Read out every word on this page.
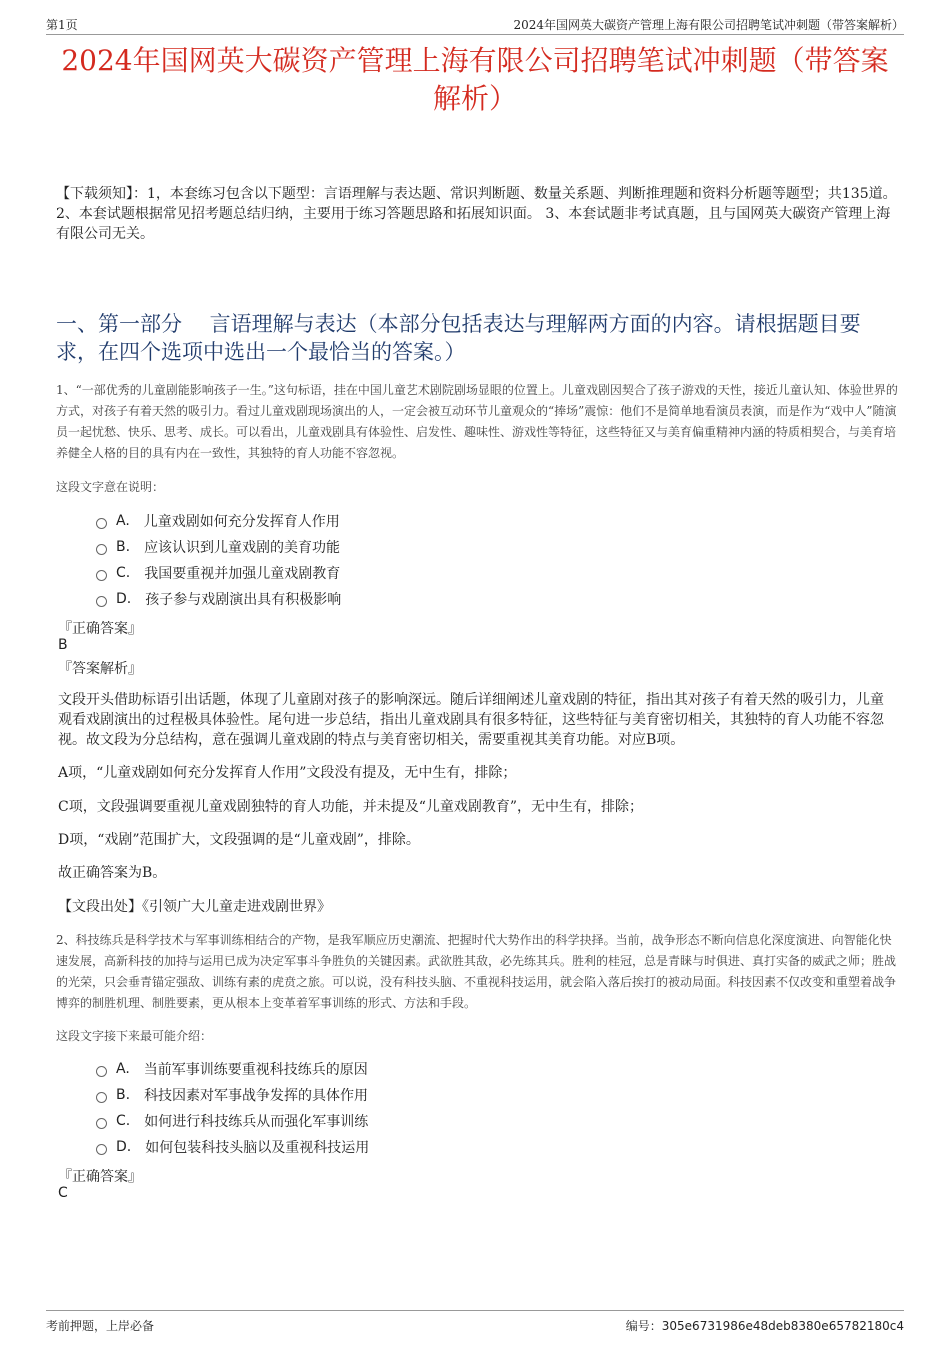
第1页	2024年国网英大碳资产管理上海有限公司招聘笔试冲刺题（带答案解析）
2024年国网英大碳资产管理上海有限公司招聘笔试冲刺题（带答案解析）
【下载须知】：1，本套练习包含以下题型：言语理解与表达题、常识判断题、数量关系题、判断推理题和资料分析题等题型；共135道。 2、本套试题根据常见招考题总结归纳，主要用于练习答题思路和拓展知识面。 3、本套试题非考试真题，且与国网英大碳资产管理上海有限公司无关。
一、第一部分　 言语理解与表达（本部分包括表达与理解两方面的内容。请根据题目要求，在四个选项中选出一个最恰当的答案。）
1、“一部优秀的儿童剧能影响孩子一生。”这句标语，挂在中国儿童艺术剧院剧场显眼的位置上。儿童戏剧因契合了孩子游戏的天性，接近儿童认知、体验世界的方式，对孩子有着天然的吸引力。看过儿童戏剧现场演出的人，一定会被互动环节儿童观众的“捧场”震惊：他们不是简单地看演员表演，而是作为“戏中人”随演员一起忧愁、快乐、思考、成长。可以看出，儿童戏剧具有体验性、启发性、趣味性、游戏性等特征，这些特征又与美育偏重精神内涵的特质相契合，与美育培养健全人格的目的具有内在一致性，其独特的育人功能不容忽视。
这段文字意在说明：
A. 儿童戏剧如何充分发挥育人作用
B. 应该认识到儿童戏剧的美育功能
C. 我国要重视并加强儿童戏剧教育
D. 孩子参与戏剧演出具有积极影响
『正确答案』
B
『答案解析』
文段开头借助标语引出话题，体现了儿童剧对孩子的影响深远。随后详细阐述儿童戏剧的特征，指出其对孩子有着天然的吸引力，儿童观看戏剧演出的过程极具体验性。尾句进一步总结，指出儿童戏剧具有很多特征，这些特征与美育密切相关，其独特的育人功能不容忽视。故文段为分总结构，意在强调儿童戏剧的特点与美育密切相关，需要重视其美育功能。对应B项。
A项，“儿童戏剧如何充分发挥育人作用”文段没有提及，无中生有，排除；
C项，文段强调要重视儿童戏剧独特的育人功能，并未提及“儿童戏剧教育”，无中生有，排除；
D项，“戏剧”范围扩大，文段强调的是“儿童戏剧”，排除。
故正确答案为B。
【文段出处】《引领广大儿童走进戏剧世界》
2、科技练兵是科学技术与军事训练相结合的产物，是我军顺应历史潮流、把握时代大势作出的科学抉择。当前，战争形态不断向信息化深度演进、向智能化快速发展，高新科技的加持与运用已成为决定军事斗争胜负的关键因素。武欲胜其敌，必先练其兵。胜利的桂冠，总是青睐与时俱进、真打实备的威武之师；胜战的光荣，只会垂青锚定强敌、训练有素的虎贲之旅。可以说，没有科技头脑、不重视科技运用，就会陷入落后挨打的被动局面。科技因素不仅改变和重塑着战争博弈的制胜机理、制胜要素，更从根本上变革着军事训练的形式、方法和手段。
这段文字接下来最可能介绍：
A. 当前军事训练要重视科技练兵的原因
B. 科技因素对军事战争发挥的具体作用
C. 如何进行科技练兵从而强化军事训练
D. 如何包装科技头脑以及重视科技运用
『正确答案』
C
考前押题，上岸必备	编号：305e6731986e48deb8380e65782180c4
